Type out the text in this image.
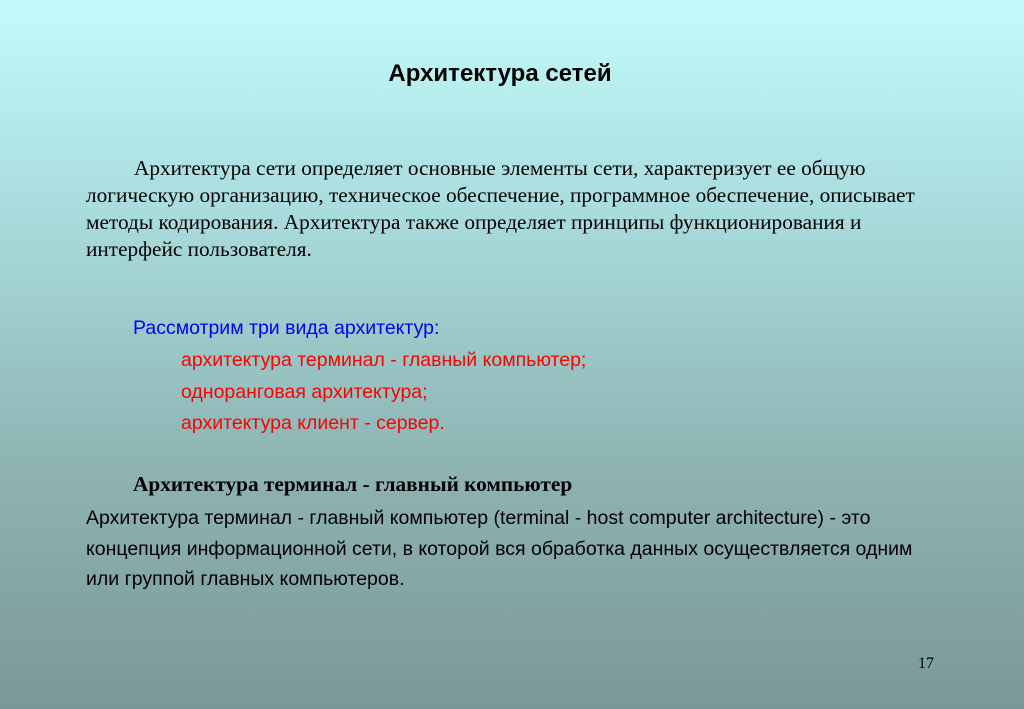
Архитектура сетей

Архитектура сети определяет основные элементы сети, характеризует ее общую логическую организацию, техническое обеспечение, программное обеспечение, описывает методы кодирования. Архитектура также определяет принципы функционирования и интерфейс пользователя.

Рассмотрим три вида архитектур:

архитектура терминал - главный компьютер;
одноранговая архитектура;
архитектура клиент - сервер.

Архитектура терминал - главный компьютер

Архитектура терминал - главный компьютер (terminal - host computer architecture) - это концепция информационной сети, в которой вся обработка данных осуществляется одним или группой главных компьютеров.

17
